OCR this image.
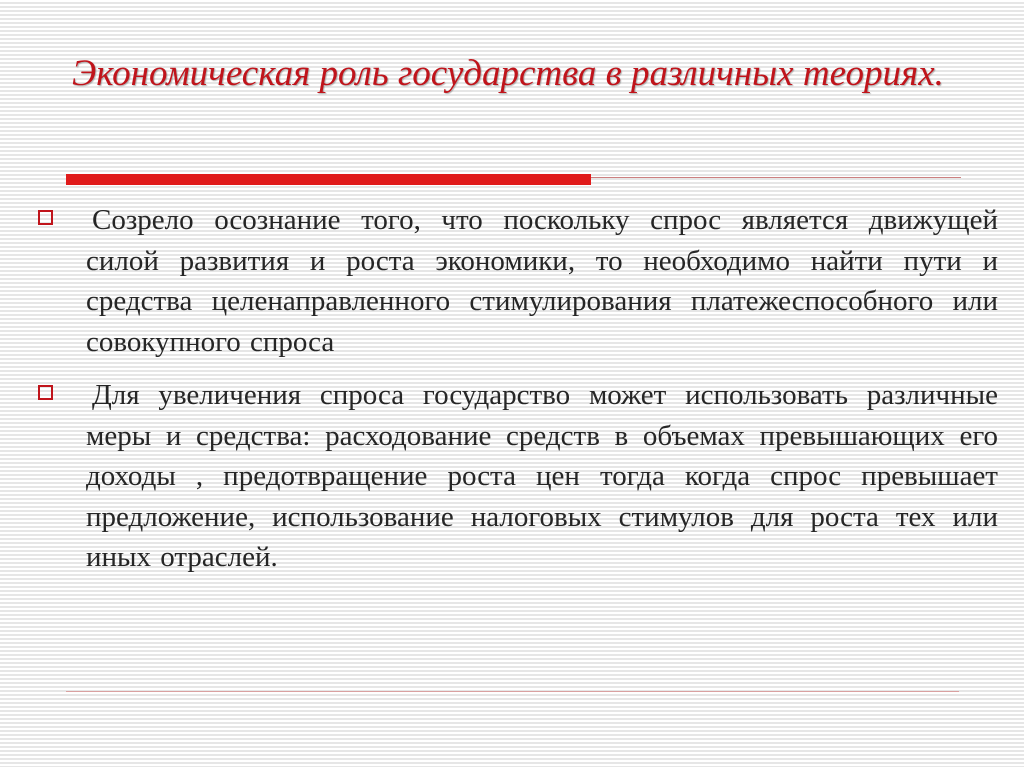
Экономическая роль государства в различных теориях.
Созрело осознание того, что поскольку спрос является движущей силой развития и роста экономики, то необходимо найти пути и средства целенаправленного стимулирования платежеспособного или совокупного спроса
Для увеличения спроса государство может использовать различные меры и средства: расходование средств в объемах превышающих его доходы , предотвращение роста цен тогда когда спрос превышает предложение, использование налоговых стимулов для роста тех или иных отраслей.
